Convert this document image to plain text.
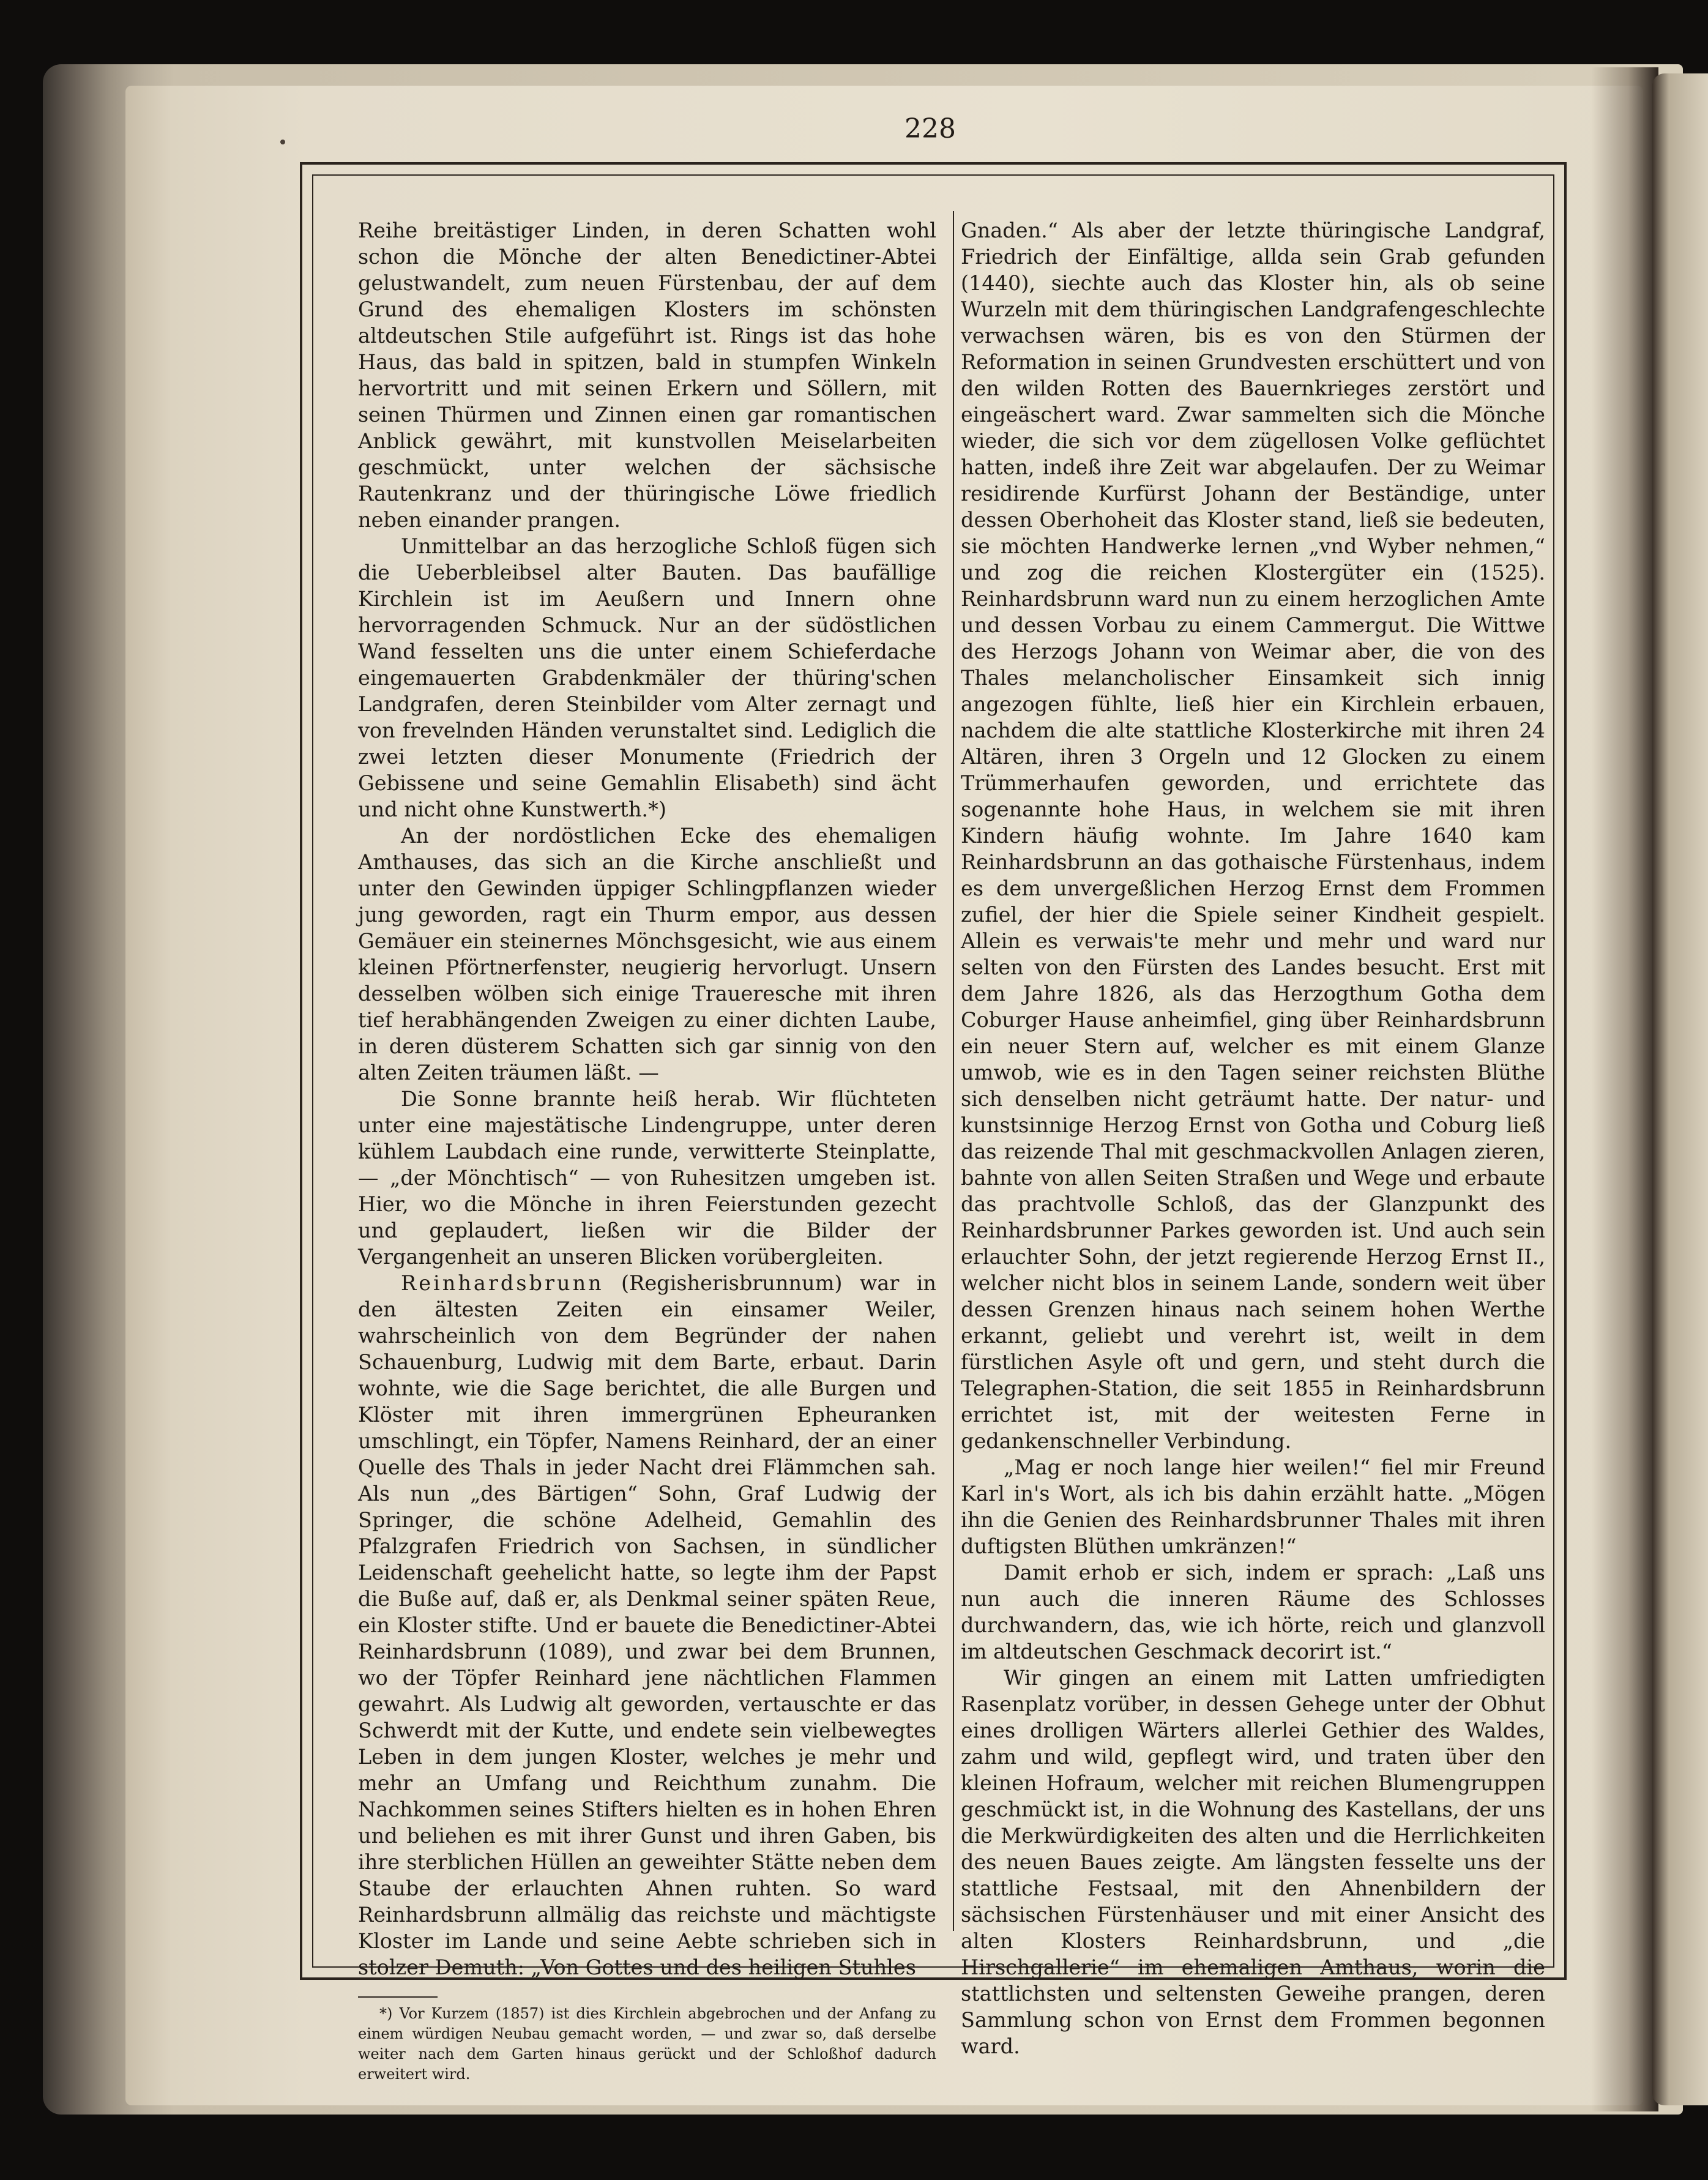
228

Reihe breitästiger Linden, in deren Schatten wohl schon die Mönche der alten Benedictiner-Abtei gelustwandelt, zum neuen Fürstenbau, der auf dem Grund des ehemaligen Klosters im schönsten altdeutschen Stile aufgeführt ist. Rings ist das hohe Haus, das bald in spitzen, bald in stumpfen Winkeln hervortritt und mit seinen Erkern und Söllern, mit seinen Thürmen und Zinnen einen gar romantischen Anblick gewährt, mit kunstvollen Meiselarbeiten geschmückt, unter welchen der sächsische Rautenkranz und der thüringische Löwe friedlich neben einander prangen.

Unmittelbar an das herzogliche Schloß fügen sich die Ueberbleibsel alter Bauten. Das baufällige Kirchlein ist im Aeußern und Innern ohne hervorragenden Schmuck. Nur an der südöstlichen Wand fesselten uns die unter einem Schieferdache eingemauerten Grabdenkmäler der thüring'schen Landgrafen, deren Steinbilder vom Alter zernagt und von frevelnden Händen verunstaltet sind. Lediglich die zwei letzten dieser Monumente (Friedrich der Gebissene und seine Gemahlin Elisabeth) sind ächt und nicht ohne Kunstwerth.*)

An der nordöstlichen Ecke des ehemaligen Amthauses, das sich an die Kirche anschließt und unter den Gewinden üppiger Schlingpflanzen wieder jung geworden, ragt ein Thurm empor, aus dessen Gemäuer ein steinernes Mönchsgesicht, wie aus einem kleinen Pförtnerfenster, neugierig hervorlugt. Unsern desselben wölben sich einige Traueresche mit ihren tief herabhängenden Zweigen zu einer dichten Laube, in deren düsterem Schatten sich gar sinnig von den alten Zeiten träumen läßt. —

Die Sonne brannte heiß herab. Wir flüchteten unter eine majestätische Lindengruppe, unter deren kühlem Laubdach eine runde, verwitterte Steinplatte, — „der Mönchtisch“ — von Ruhesitzen umgeben ist. Hier, wo die Mönche in ihren Feierstunden gezecht und geplaudert, ließen wir die Bilder der Vergangenheit an unseren Blicken vorübergleiten.

Reinhardsbrunn (Regisherisbrunnum) war in den ältesten Zeiten ein einsamer Weiler, wahrscheinlich von dem Begründer der nahen Schauenburg, Ludwig mit dem Barte, erbaut. Darin wohnte, wie die Sage berichtet, die alle Burgen und Klöster mit ihren immergrünen Epheuranken umschlingt, ein Töpfer, Namens Reinhard, der an einer Quelle des Thals in jeder Nacht drei Flämmchen sah. Als nun „des Bärtigen“ Sohn, Graf Ludwig der Springer, die schöne Adelheid, Gemahlin des Pfalzgrafen Friedrich von Sachsen, in sündlicher Leidenschaft geehelicht hatte, so legte ihm der Papst die Buße auf, daß er, als Denkmal seiner späten Reue, ein Kloster stifte. Und er bauete die Benedictiner-Abtei Reinhardsbrunn (1089), und zwar bei dem Brunnen, wo der Töpfer Reinhard jene nächtlichen Flammen gewahrt. Als Ludwig alt geworden, vertauschte er das Schwerdt mit der Kutte, und endete sein vielbewegtes Leben in dem jungen Kloster, welches je mehr und mehr an Umfang und Reichthum zunahm. Die Nachkommen seines Stifters hielten es in hohen Ehren und beliehen es mit ihrer Gunst und ihren Gaben, bis ihre sterblichen Hüllen an geweihter Stätte neben dem Staube der erlauchten Ahnen ruhten. So ward Reinhardsbrunn allmälig das reichste und mächtigste Kloster im Lande und seine Aebte schrieben sich in stolzer Demuth: „Von Gottes und des heiligen Stuhles

*) Vor Kurzem (1857) ist dies Kirchlein abgebrochen und der Anfang zu einem würdigen Neubau gemacht worden, — und zwar so, daß derselbe weiter nach dem Garten hinaus gerückt und der Schloßhof dadurch erweitert wird.

Gnaden.“ Als aber der letzte thüringische Landgraf, Friedrich der Einfältige, allda sein Grab gefunden (1440), siechte auch das Kloster hin, als ob seine Wurzeln mit dem thüringischen Landgrafengeschlechte verwachsen wären, bis es von den Stürmen der Reformation in seinen Grundvesten erschüttert und von den wilden Rotten des Bauernkrieges zerstört und eingeäschert ward. Zwar sammelten sich die Mönche wieder, die sich vor dem zügellosen Volke geflüchtet hatten, indeß ihre Zeit war abgelaufen. Der zu Weimar residirende Kurfürst Johann der Beständige, unter dessen Oberhoheit das Kloster stand, ließ sie bedeuten, sie möchten Handwerke lernen „vnd Wyber nehmen,“ und zog die reichen Klostergüter ein (1525). Reinhardsbrunn ward nun zu einem herzoglichen Amte und dessen Vorbau zu einem Cammergut. Die Wittwe des Herzogs Johann von Weimar aber, die von des Thales melancholischer Einsamkeit sich innig angezogen fühlte, ließ hier ein Kirchlein erbauen, nachdem die alte stattliche Klosterkirche mit ihren 24 Altären, ihren 3 Orgeln und 12 Glocken zu einem Trümmerhaufen geworden, und errichtete das sogenannte hohe Haus, in welchem sie mit ihren Kindern häufig wohnte. Im Jahre 1640 kam Reinhardsbrunn an das gothaische Fürstenhaus, indem es dem unvergeßlichen Herzog Ernst dem Frommen zufiel, der hier die Spiele seiner Kindheit gespielt. Allein es verwais'te mehr und mehr und ward nur selten von den Fürsten des Landes besucht. Erst mit dem Jahre 1826, als das Herzogthum Gotha dem Coburger Hause anheimfiel, ging über Reinhardsbrunn ein neuer Stern auf, welcher es mit einem Glanze umwob, wie es in den Tagen seiner reichsten Blüthe sich denselben nicht geträumt hatte. Der natur- und kunstsinnige Herzog Ernst von Gotha und Coburg ließ das reizende Thal mit geschmackvollen Anlagen zieren, bahnte von allen Seiten Straßen und Wege und erbaute das prachtvolle Schloß, das der Glanzpunkt des Reinhardsbrunner Parkes geworden ist. Und auch sein erlauchter Sohn, der jetzt regierende Herzog Ernst II., welcher nicht blos in seinem Lande, sondern weit über dessen Grenzen hinaus nach seinem hohen Werthe erkannt, geliebt und verehrt ist, weilt in dem fürstlichen Asyle oft und gern, und steht durch die Telegraphen-Station, die seit 1855 in Reinhardsbrunn errichtet ist, mit der weitesten Ferne in gedankenschneller Verbindung.

„Mag er noch lange hier weilen!“ fiel mir Freund Karl in's Wort, als ich bis dahin erzählt hatte. „Mögen ihn die Genien des Reinhardsbrunner Thales mit ihren duftigsten Blüthen umkränzen!“

Damit erhob er sich, indem er sprach: „Laß uns nun auch die inneren Räume des Schlosses durchwandern, das, wie ich hörte, reich und glanzvoll im altdeutschen Geschmack decorirt ist.“

Wir gingen an einem mit Latten umfriedigten Rasenplatz vorüber, in dessen Gehege unter der Obhut eines drolligen Wärters allerlei Gethier des Waldes, zahm und wild, gepflegt wird, und traten über den kleinen Hofraum, welcher mit reichen Blumengruppen geschmückt ist, in die Wohnung des Kastellans, der uns die Merkwürdigkeiten des alten und die Herrlichkeiten des neuen Baues zeigte. Am längsten fesselte uns der stattliche Festsaal, mit den Ahnenbildern der sächsischen Fürstenhäuser und mit einer Ansicht des alten Klosters Reinhardsbrunn, und „die Hirschgallerie“ im ehemaligen Amthaus, worin die stattlichsten und seltensten Geweihe prangen, deren Sammlung schon von Ernst dem Frommen begonnen ward.
